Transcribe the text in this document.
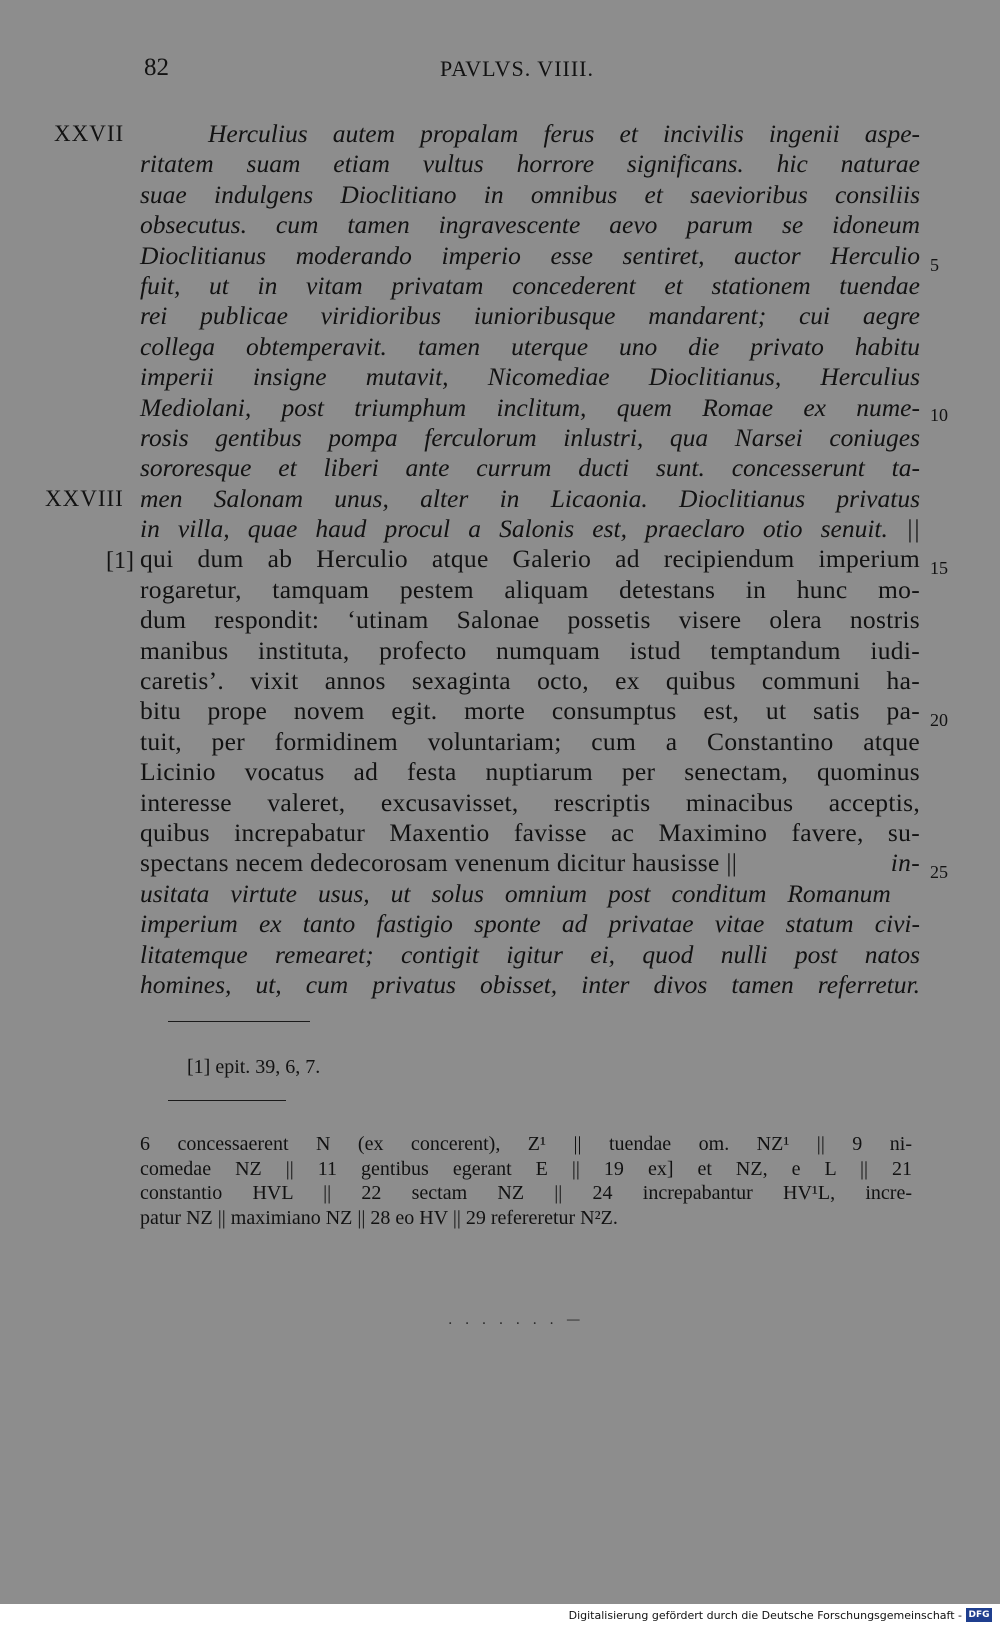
82	PAVLVS. VIIII.
XXVII
XXVIII
[1]
5
10
15
20
25
Herculius autem propalam ferus et incivilis ingenii aspe-
ritatem suam etiam vultus horrore significans. hic naturae
suae indulgens Dioclitiano in omnibus et saevioribus consiliis
obsecutus. cum tamen ingravescente aevo parum se idoneum
Dioclitianus moderando imperio esse sentiret, auctor Herculio
fuit, ut in vitam privatam concederent et stationem tuendae
rei publicae viridioribus iunioribusque mandarent; cui aegre
collega obtemperavit. tamen uterque uno die privato habitu
imperii insigne mutavit, Nicomediae Dioclitianus, Herculius
Mediolani, post triumphum inclitum, quem Romae ex nume-
rosis gentibus pompa ferculorum inlustri, qua Narsei coniuges
sororesque et liberi ante currum ducti sunt. concesserunt ta-
men Salonam unus, alter in Licaonia. Dioclitianus privatus
in villa, quae haud procul a Salonis est, praeclaro otio senuit. ||
qui dum ab Herculio atque Galerio ad recipiendum imperium
rogaretur, tamquam pestem aliquam detestans in hunc mo-
dum respondit: ‘utinam Salonae possetis visere olera nostris
manibus instituta, profecto numquam istud temptandum iudi-
caretis’. vixit annos sexaginta octo, ex quibus communi ha-
bitu prope novem egit. morte consumptus est, ut satis pa-
tuit, per formidinem voluntariam; cum a Constantino atque
Licinio vocatus ad festa nuptiarum per senectam, quominus
interesse valeret, excusavisset, rescriptis minacibus acceptis,
quibus increpabatur Maxentio favisse ac Maximino favere, su-
spectans necem dedecorosam venenum dicitur hausisse ||	in-
usitata virtute usus, ut solus omnium post conditum Romanum
imperium ex tanto fastigio sponte ad privatae vitae statum civi-
litatemque remearet; contigit igitur ei, quod nulli post natos
homines, ut, cum privatus obisset, inter divos tamen referretur.
[1] epit. 39, 6, 7.
6 concessaerent N (ex concerent), Z¹ || tuendae om. NZ¹ || 9 ni-
comedae NZ || 11 gentibus egerant E || 19 ex] et NZ, e L || 21
constantio HVL || 22 sectam NZ || 24 increpabantur HV¹L, incre-
patur NZ || maximiano NZ || 28 eo HV || 29 refereretur N²Z.
. . . . . . . —
Digitalisierung gefördert durch die Deutsche Forschungsgemeinschaft - DFG
